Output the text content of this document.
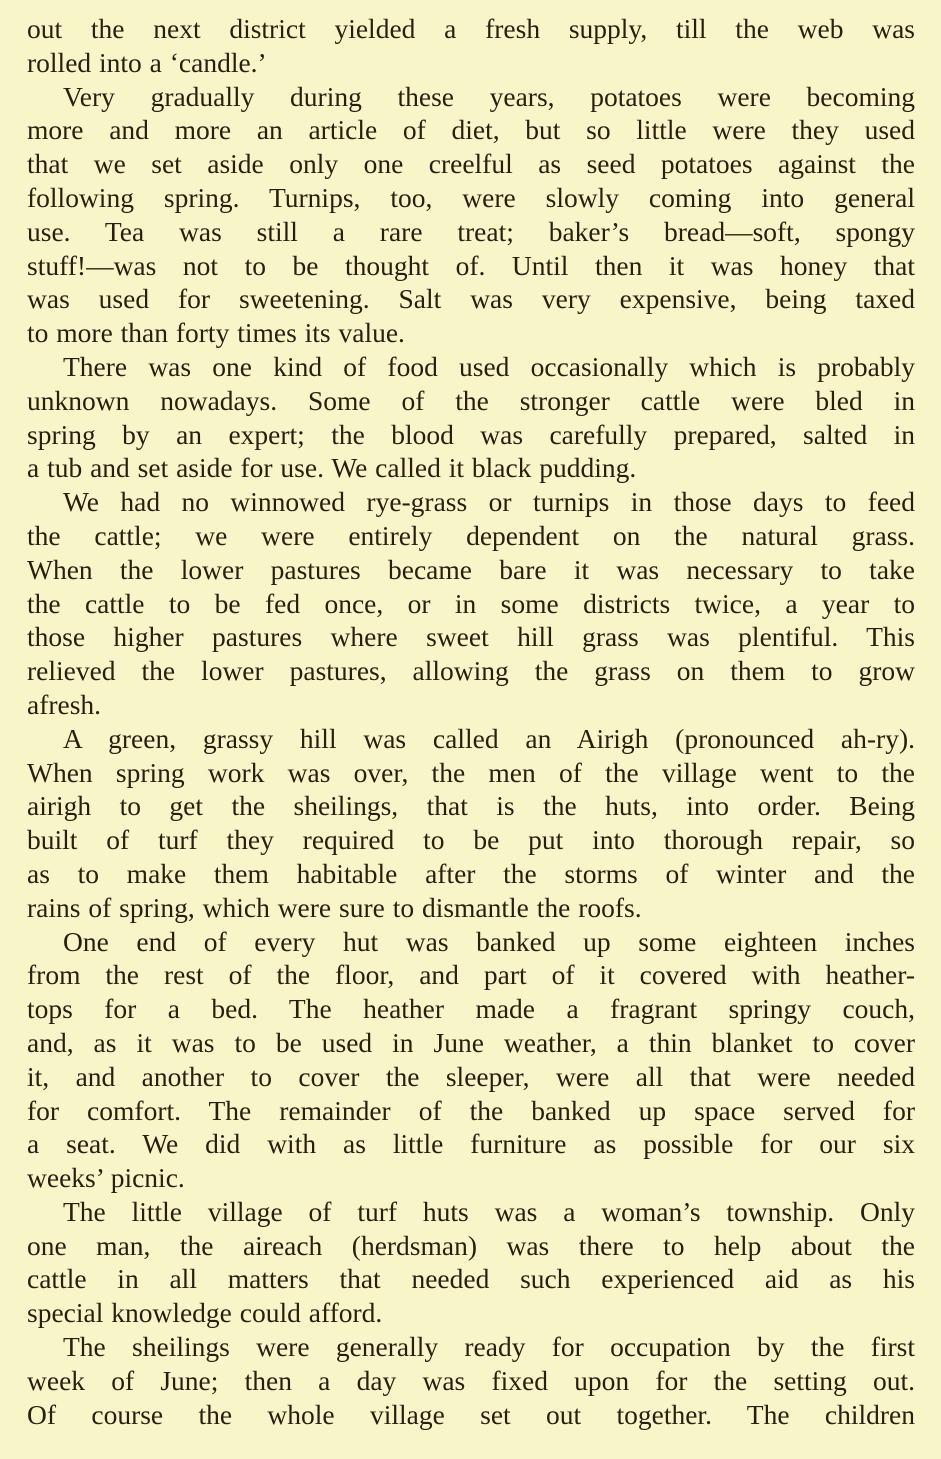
out the next district yielded a fresh supply, till the web was
rolled into a ‘candle.’
Very gradually during these years, potatoes were becoming
more and more an article of diet, but so little were they used
that we set aside only one creelful as seed potatoes against the
following spring. Turnips, too, were slowly coming into general
use. Tea was still a rare treat; baker’s bread—soft, spongy
stuff!—was not to be thought of. Until then it was honey that
was used for sweetening. Salt was very expensive, being taxed
to more than forty times its value.
There was one kind of food used occasionally which is probably
unknown nowadays. Some of the stronger cattle were bled in
spring by an expert; the blood was carefully prepared, salted in
a tub and set aside for use. We called it black pudding.
We had no winnowed rye-grass or turnips in those days to feed
the cattle; we were entirely dependent on the natural grass.
When the lower pastures became bare it was necessary to take
the cattle to be fed once, or in some districts twice, a year to
those higher pastures where sweet hill grass was plentiful. This
relieved the lower pastures, allowing the grass on them to grow
afresh.
A green, grassy hill was called an Airigh (pronounced ah-ry).
When spring work was over, the men of the village went to the
airigh to get the sheilings, that is the huts, into order. Being
built of turf they required to be put into thorough repair, so
as to make them habitable after the storms of winter and the
rains of spring, which were sure to dismantle the roofs.
One end of every hut was banked up some eighteen inches
from the rest of the floor, and part of it covered with heather-
tops for a bed. The heather made a fragrant springy couch,
and, as it was to be used in June weather, a thin blanket to cover
it, and another to cover the sleeper, were all that were needed
for comfort. The remainder of the banked up space served for
a seat. We did with as little furniture as possible for our six
weeks’ picnic.
The little village of turf huts was a woman’s township. Only
one man, the aireach (herdsman) was there to help about the
cattle in all matters that needed such experienced aid as his
special knowledge could afford.
The sheilings were generally ready for occupation by the first
week of June; then a day was fixed upon for the setting out.
Of course the whole village set out together. The children
